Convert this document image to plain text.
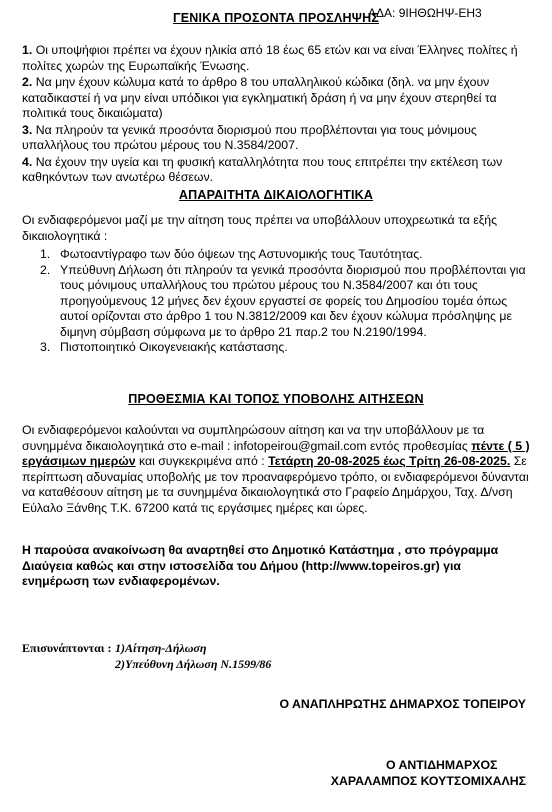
ΑΔΑ: 9ΙΗΘΩΗΨ-ΕΗ3
ΓΕΝΙΚΑ ΠΡΟΣΟΝΤΑ ΠΡΟΣΛΗΨΗΣ
1. Οι υποψήφιοι πρέπει να έχουν ηλικία από 18 έως 65 ετών και να είναι Έλληνες πολίτες ή πολίτες χωρών της Ευρωπαϊκής Ένωσης.
2. Να μην έχουν κώλυμα κατά το άρθρο 8 του υπαλληλικού κώδικα (δηλ. να μην έχουν καταδικαστεί ή να μην είναι υπόδικοι για εγκληματική δράση ή να μην έχουν στερηθεί τα πολιτικά τους δικαιώματα)
3. Να πληρούν τα γενικά προσόντα διορισμού που προβλέπονται για τους μόνιμους υπαλλήλους του πρώτου μέρους του Ν.3584/2007.
4. Να έχουν την υγεία και τη φυσική καταλληλότητα που τους επιτρέπει την εκτέλεση των καθηκόντων των ανωτέρω θέσεων.
ΑΠΑΡΑΙΤΗΤΑ ΔΙΚΑΙΟΛΟΓΗΤΙΚΑ
Οι ενδιαφερόμενοι μαζί με την αίτηση τους πρέπει να υποβάλλουν υποχρεωτικά τα εξής δικαιολογητικά :
1. Φωτοαντίγραφο των δύο όψεων της Αστυνομικής τους Ταυτότητας.
2. Υπεύθυνη Δήλωση ότι πληρούν τα γενικά προσόντα διορισμού που προβλέπονται για τους μόνιμους υπαλλήλους του πρώτου μέρους του Ν.3584/2007 και ότι τους προηγούμενους 12 μήνες δεν έχουν εργαστεί σε φορείς του Δημοσίου τομέα όπως αυτοί ορίζονται στο άρθρο 1 του Ν.3812/2009 και δεν έχουν κώλυμα πρόσληψης με διμηνη σύμβαση σύμφωνα με το άρθρο 21 παρ.2 του Ν.2190/1994.
3. Πιστοποιητικό Οικογενειακής κατάστασης.
ΠΡΟΘΕΣΜΙΑ ΚΑΙ ΤΟΠΟΣ ΥΠΟΒΟΛΗΣ ΑΙΤΗΣΕΩΝ
Οι ενδιαφερόμενοι καλούνται να συμπληρώσουν αίτηση και να την υποβάλλουν με τα συνημμένα δικαιολογητικά στο e-mail : infotopeirou@gmail.com εντός προθεσμίας πέντε ( 5 ) εργάσιμων ημερών και συγκεκριμένα από : Τετάρτη 20-08-2025 έως Τρίτη 26-08-2025. Σε περίπτωση αδυναμίας υποβολής με τον προαναφερόμενο τρόπο, οι ενδιαφερόμενοι δύνανται να καταθέσουν αίτηση με τα συνημμένα δικαιολογητικά στο Γραφείο Δημάρχου, Ταχ. Δ/νση Εύλαλο Ξάνθης Τ.Κ. 67200 κατά τις εργάσιμες ημέρες και ώρες.
Η παρούσα ανακοίνωση θα αναρτηθεί στο Δημοτικό Κατάστημα , στο πρόγραμμα Διαύγεια καθώς και στην ιστοσελίδα του Δήμου (http://www.topeiros.gr) για ενημέρωση των ενδιαφερομένων.
Επισυνάπτονται : 1)Αίτηση-Δήλωση
2)Υπεύθυνη Δήλωση Ν.1599/86
Ο ΑΝΑΠΛΗΡΩΤΗΣ ΔΗΜΑΡΧΟΣ ΤΟΠΕΙΡΟΥ
Ο ΑΝΤΙΔΗΜΑΡΧΟΣ
ΧΑΡΑΛΑΜΠΟΣ ΚΟΥΤΣΟΜΙΧΑΛΗΣ
